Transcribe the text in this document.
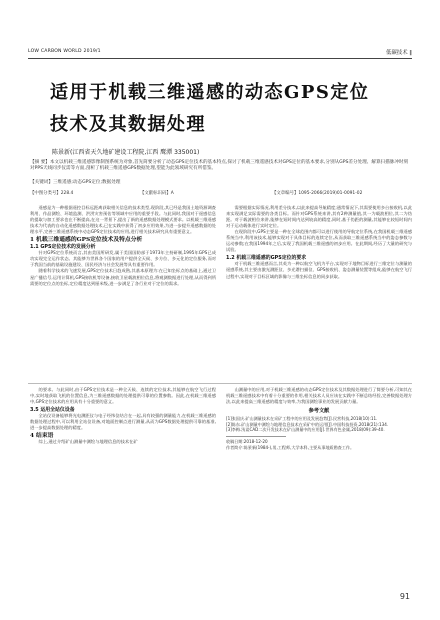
LOW CARBON WORLD 2019/1	低碳技术 ‖
适用于机载三维遥感的动态GPS定位
技术及其数据处理
陈景新(江西省天久地矿建设工程院,江西 鹰潭 335001)
【摘 要】本文以机载三维遥感影像制图系统为对象,首先简要分析了动态GPS定位技术的基本特点,探讨了机载三维遥感技术对GPS定位的基本要求,分别从GPS差分处理、解算扫描脉冲时刻对PPS天线同步仪需等方面,剖析了机载三维遥感GPS数据处理,望能为此领域研究有所借鉴。
【关键词】三维遥感;动态GPS定位;数据处理
【中图分类号】228.4	【文献标识码】A	【文章编号】1095-2066(2019)01-0091-02

遥感是为一种根据遥控目标远距离获取相关信息的技术类型,现阶段,其已经是我国土地资源调查利用、作品测绘、环境监测、洪涝灾害预估等领域中应用的重要手段。与此同时,我国对于遥感信息的提取与加工要求也在不断提高,在这一背景下,提出了新的遥感数据处理模式要求。以机载三维遥感技术为代表的自动化遥感数据处理技术,已在实践中获得了初步应用效果,为进一步提升遥感数据的处理水平,完善三维遥感系统中动态GPS定位技术的应用,进行相关技术研究具有重要意义。

1 机载三维遥感的GPS定位技术及特点分析
1.1 GPS定位技术的发展分析

针对GPS定位系统而言,其由美国所研发,属于美国国防部于1973年主持研制,1995年GPS已成功实现完全运作状态。其能够为世界各个国家的用户提供全天候、多方位、多元化的定位服务,而对于我国当前的基础设施建设、国民经济与社会发展等具有重要作用。

随着科学技术的飞速发展,GPS定位技术日趋成熟,其基本原理为:在已知坐标点的基础上,通过卫星广播信号,运用计算机,GPS接收机等设备,接收卫星载波相位信息,将观测数据进行处理,从而得到所需要的定位点的坐标,定位精度达到厘米级,进一步满足了各行业对于定位的需求。

需要根据实际情况,利用差分技术,以此来提高导航精度;通常情况下,其需要使用多台接收机,以此来实现满足实际需要的各类目标。而针对GPS系统来讲,其有2种测量值,其一为载波相位,其二为伪距。对于载波相位来讲,能够在短时间内达到较高的精度,同时,基于伪距的测量,其能够在较短时间内对于运动载体进行实时定位。

在现阶段中,GPS主要是一种在全球范围内都可以进行使用的导航定位系统,在我国机载三维遥感系统当中,利用该技术,能够实现对于具体目标的连续定位,从而获取三维遥感系统当中的姿态参数与运动参数;在我国1994年之后,实现了我国机载三维遥感的初步应用。在此期间,经历了大量的研究与试验。

1.2 机载三维遥感的GPS定位的要求

对于机载三维遥感而言,其英为一种以航空飞机为平台,实现对于地物目标进行三维定位与测量的遥感系统,其主要由激光测距仪、多光谱扫描仪、GPS接收机、姿态测量装置等组成,能够在航空飞行过程中,实现对于目标区域的影像与三维坐标信息的同步获取。

的要求。与此同时,由于GPS定位技术是一种全天候、连续的定位技术,其能够在航空飞行过程中,实时地获取飞机的位置信息,为三维遥感数据的处理提供可靠的位置参数。因此,在机载三维遥感中,GPS定位技术的应用具有十分重要的意义。

3.5 运用全站仪设备

全站仪设备能够将光电测距仪与电子经纬仪结合在一起,具有较强的测量能力,在机载三维遥感的数据处理过程中,可以利用全站仪设备,对地面控制点进行测量,从而为GPS数据处理提供可靠的基准,进一步提高数据处理的精度。

4 结束语

综上,通过介绍矿山测量中测绘与地理信息的技术在矿

山测量中的应用,对于机载三维遥感的动态GPS定位技术及其数据处理进行了简要分析,可知其在机载三维遥感技术中有着十分重要的作用,相关技术人员应该在实践中不断总结经验,完善数据处理方法,以此来提高三维遥感的精度与效率,为我国测绘事业的发展贡献力量。

参考文献
[1]张国庆.矿山测量技术在采矿工程中的应用及发展趋势[J].民营科技,2018(10):11.
[2]陈东.矿山测量中测绘与地理信息技术在采矿中的运用[J].中国科技投资,2018(21):134.
[3]李梅.浅谈CAD二次开发技术在矿山测量中的应用[J].世界有色金属,2018(09):39-40.
收稿日期:2018-12-20
作者简介:陈景新(1984-),男,工程师,大学本科,主要从事地质勘查工作。
91
